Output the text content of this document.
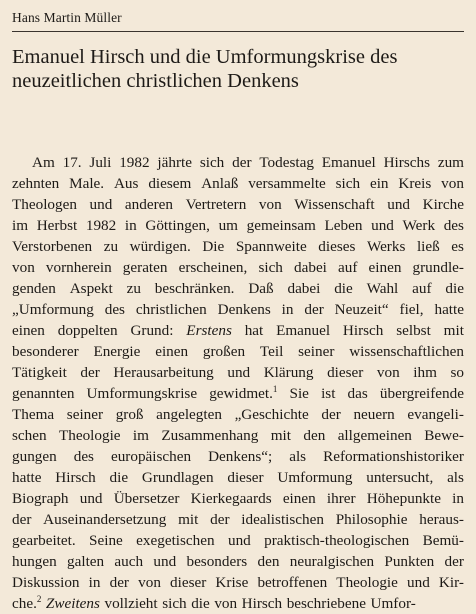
Hans Martin Müller
Emanuel Hirsch und die Umformungskrise des
neuzeitlichen christlichen Denkens
Am 17. Juli 1982 jährte sich der Todestag Emanuel Hirschs zum
zehnten Male. Aus diesem Anlaß versammelte sich ein Kreis von
Theologen und anderen Vertretern von Wissenschaft und Kirche
im Herbst 1982 in Göttingen, um gemeinsam Leben und Werk des
Verstorbenen zu würdigen. Die Spannweite dieses Werks ließ es
von vornherein geraten erscheinen, sich dabei auf einen grundle-
genden Aspekt zu beschränken. Daß dabei die Wahl auf die
„Umformung des christlichen Denkens in der Neuzeit“ fiel, hatte
einen doppelten Grund: Erstens hat Emanuel Hirsch selbst mit
besonderer Energie einen großen Teil seiner wissenschaftlichen
Tätigkeit der Herausarbeitung und Klärung dieser von ihm so
genannten Umformungskrise gewidmet.$^1$ Sie ist das übergreifende
Thema seiner groß angelegten „Geschichte der neuern evangeli-
schen Theologie im Zusammenhang mit den allgemeinen Bewe-
gungen des europäischen Denkens“; als Reformationshistoriker
hatte Hirsch die Grundlagen dieser Umformung untersucht, als
Biograph und Übersetzer Kierkegaards einen ihrer Höhepunkte in
der Auseinandersetzung mit der idealistischen Philosophie heraus-
gearbeitet. Seine exegetischen und praktisch-theologischen Bemü-
hungen galten auch und besonders den neuralgischen Punkten der
Diskussion in der von dieser Krise betroffenen Theologie und Kir-
che.$^2$ Zweitens vollzieht sich die von Hirsch beschriebene Umfor-
